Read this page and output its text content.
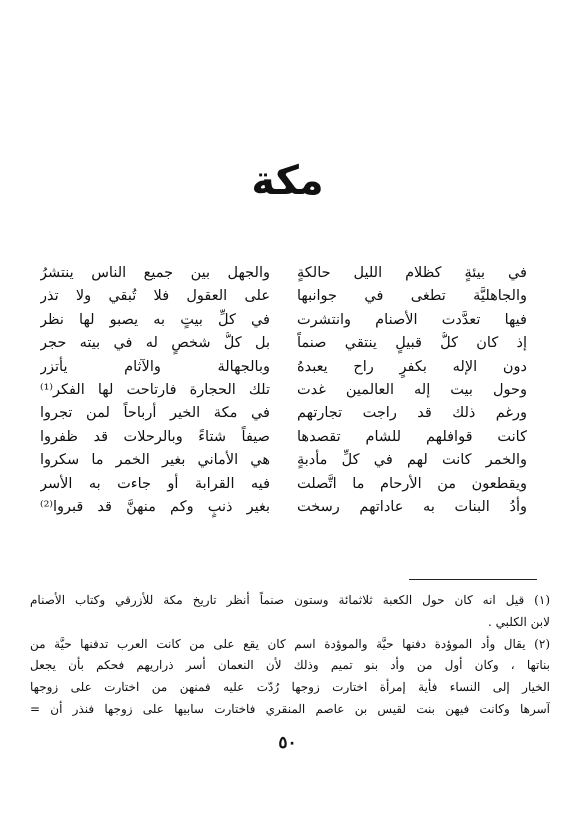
مكة
في بيئةٍ كظلام الليل حالكةٍ
والجاهليَّة تطغى في جوانبها
فيها تعدَّدت الأصنام وانتشرت
إذ كان كلُّ قبيلٍ ينتقي صنماً
دون الإله بكفرٍ راح يعبدهُ
وحول بيت إله العالمين غدت
ورغم ذلك قد راجت تجارتهم
كانت قوافلهم للشام تقصدها
والخمر كانت لهم في كلِّ مأدبةٍ
ويقطعون من الأرحام ما اتَّصلت
وأدُ البنات به عاداتهم رسخت
والجهل بين جميع الناس ينتشرُ
على العقول فلا تُبقي ولا تذر
في كلِّ بيتٍ به يصبو لها نظر
بل كلُّ شخصٍ له في بيته حجر
وبالجهالة والآثام يأتزر
تلك الحجارة فارتاحت لها الفكر⁽¹⁾
في مكة الخير أرباحاً لمن تجروا
صيفاً شتاءً وبالرحلات قد ظفروا
هي الأماني بغير الخمر ما سكروا
فيه القرابة أو جاءت به الأسر
بغير ذنبٍ وكم منهنَّ قد قبروا⁽²⁾

(١) قيل انه كان حول الكعبة ثلاثمائة وستون صنماً أنظر تاريخ مكة للأزرقي وكتاب الأصنام

لابن الكلبي .

(٢) يقال وأد الموؤدة دفنها حيَّة والموؤدة اسم كان يقع على من كانت العرب تدفنها حيَّة من

بناتها ، وكان أول من وأد بنو تميم وذلك لأن النعمان أسر ذراريهم فحكم بأن يجعل

الخيار إلى النساء فأية إمرأة اختارت زوجها رُدّت عليه فمنهن من اختارت على زوجها

آسرها وكانت فيهن بنت لقيس بن عاصم المنقري فاختارت سابيها على زوجها فنذر أن =

٥٠
